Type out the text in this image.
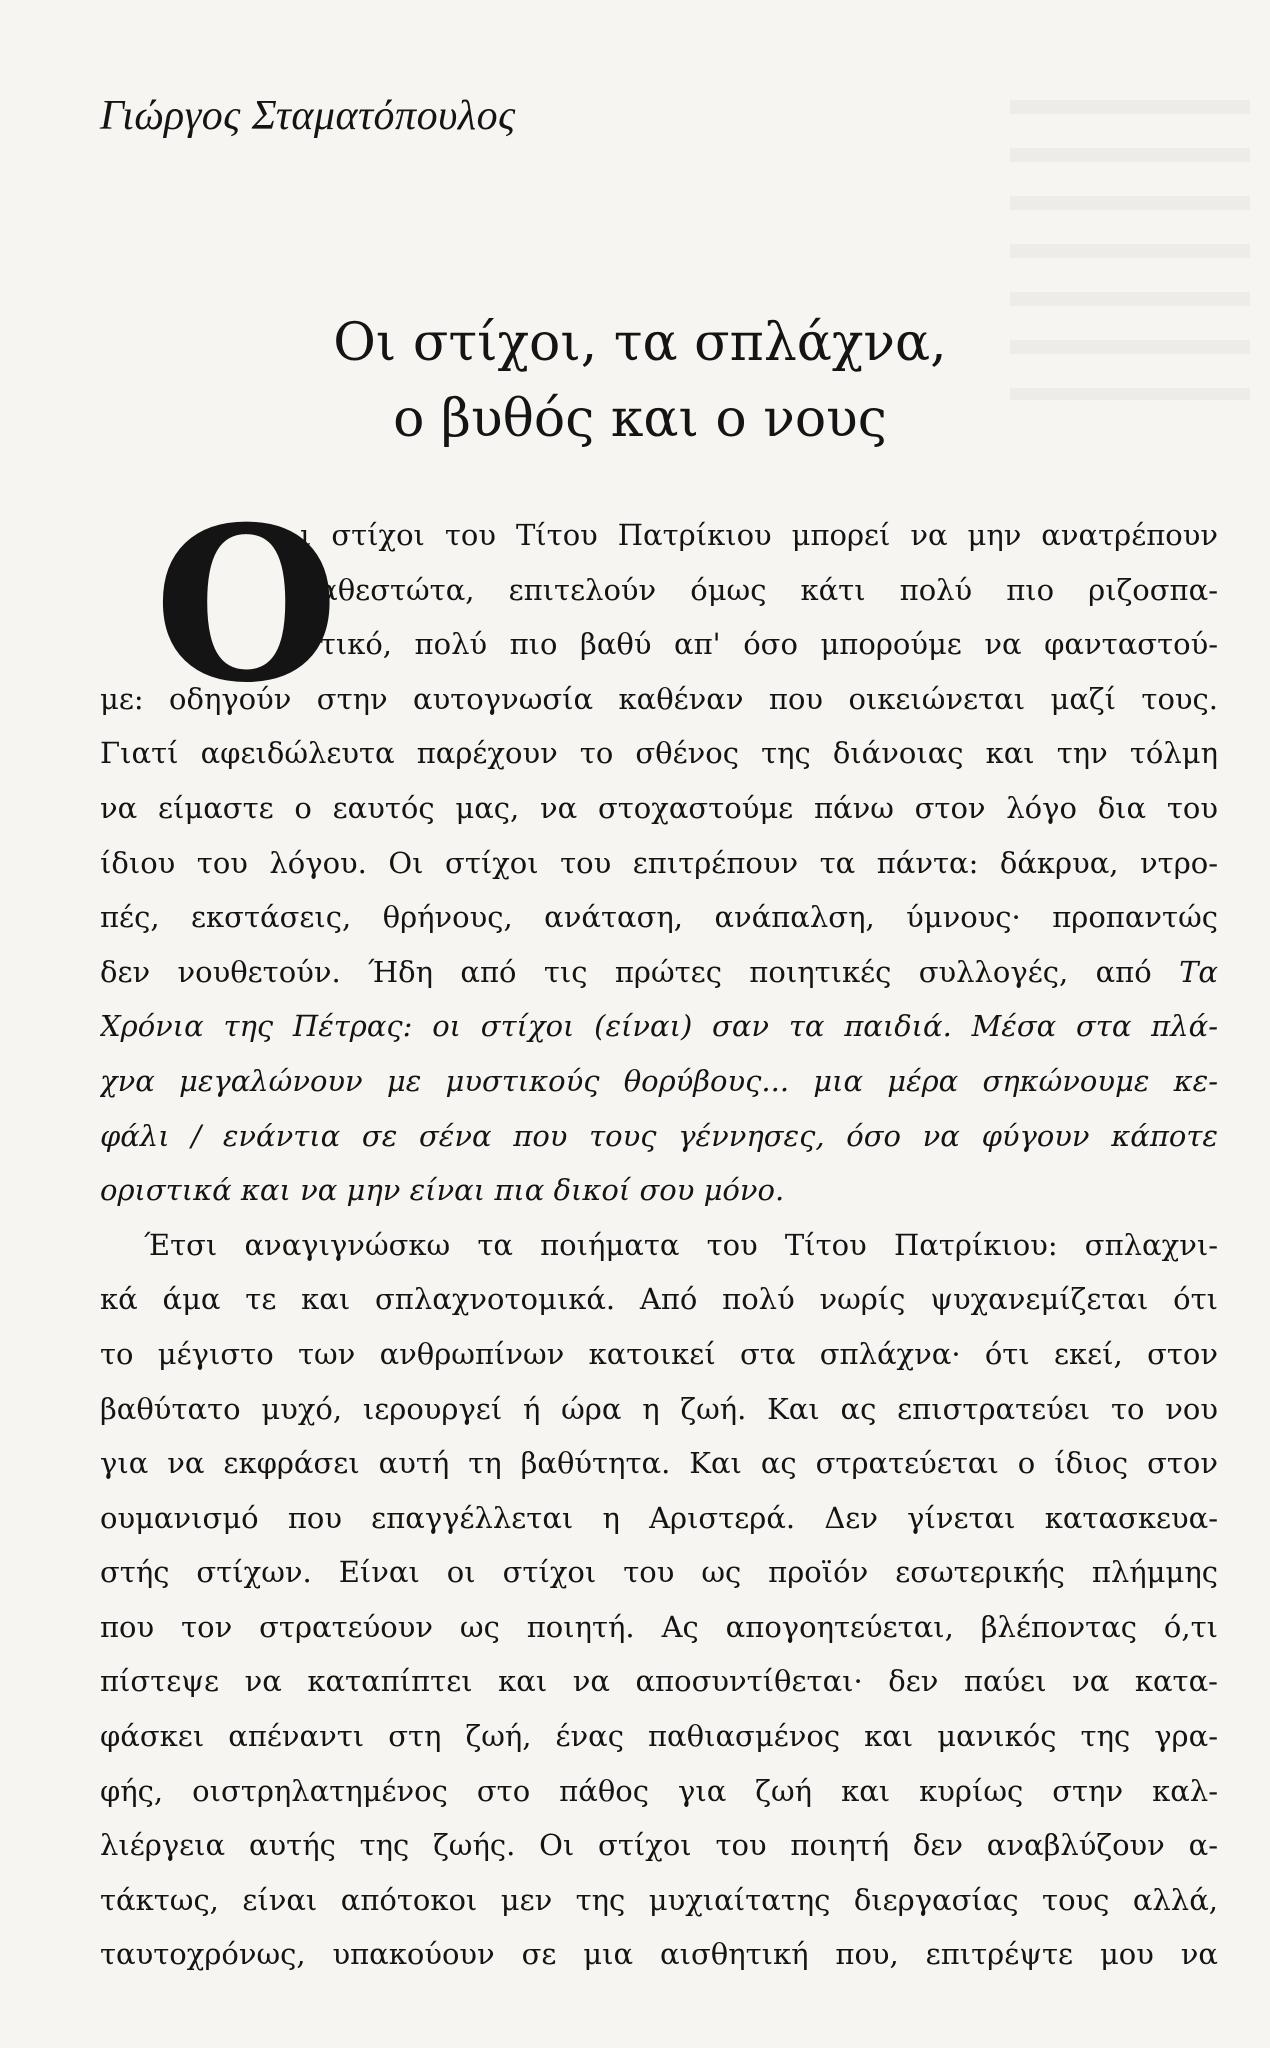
Γιώργος Σταματόπουλος
Οι στίχοι, τα σπλάχνα,
ο βυθός και ο νους
Ο
ι στίχοι του Τίτου Πατρίκιου μπορεί να μην ανατρέπουν
καθεστώτα, επιτελούν όμως κάτι πολύ πιο ριζοσπα-
στικό, πολύ πιο βαθύ απ' όσο μπορούμε να φανταστού-
με: οδηγούν στην αυτογνωσία καθέναν που οικειώνεται μαζί τους.
Γιατί αφειδώλευτα παρέχουν το σθένος της διάνοιας και την τόλμη
να είμαστε ο εαυτός μας, να στοχαστούμε πάνω στον λόγο δια του
ίδιου του λόγου. Οι στίχοι του επιτρέπουν τα πάντα: δάκρυα, ντρο-
πές, εκστάσεις, θρήνους, ανάταση, ανάπαλση, ύμνους· προπαντώς
δεν νουθετούν. Ήδη από τις πρώτες ποιητικές συλλογές, από Τα
Χρόνια της Πέτρας: οι στίχοι (είναι) σαν τα παιδιά. Μέσα στα πλά-
χνα μεγαλώνουν με μυστικούς θορύβους... μια μέρα σηκώνουμε κε-
φάλι / ενάντια σε σένα που τους γέννησες, όσο να φύγουν κάποτε
οριστικά και να μην είναι πια δικοί σου μόνο.
Έτσι αναγιγνώσκω τα ποιήματα του Τίτου Πατρίκιου: σπλαχνι-
κά άμα τε και σπλαχνοτομικά. Από πολύ νωρίς ψυχανεμίζεται ότι
το μέγιστο των ανθρωπίνων κατοικεί στα σπλάχνα· ότι εκεί, στον
βαθύτατο μυχό, ιερουργεί ή ώρα η ζωή. Και ας επιστρατεύει το νου
για να εκφράσει αυτή τη βαθύτητα. Και ας στρατεύεται ο ίδιος στον
ουμανισμό που επαγγέλλεται η Αριστερά. Δεν γίνεται κατασκευα-
στής στίχων. Είναι οι στίχοι του ως προϊόν εσωτερικής πλήμμης
που τον στρατεύουν ως ποιητή. Ας απογοητεύεται, βλέποντας ό,τι
πίστεψε να καταπίπτει και να αποσυντίθεται· δεν παύει να κατα-
φάσκει απέναντι στη ζωή, ένας παθιασμένος και μανικός της γρα-
φής, οιστρηλατημένος στο πάθος για ζωή και κυρίως στην καλ-
λιέργεια αυτής της ζωής. Οι στίχοι του ποιητή δεν αναβλύζουν α-
τάκτως, είναι απότοκοι μεν της μυχιαίτατης διεργασίας τους αλλά,
ταυτοχρόνως, υπακούουν σε μια αισθητική που, επιτρέψτε μου να
